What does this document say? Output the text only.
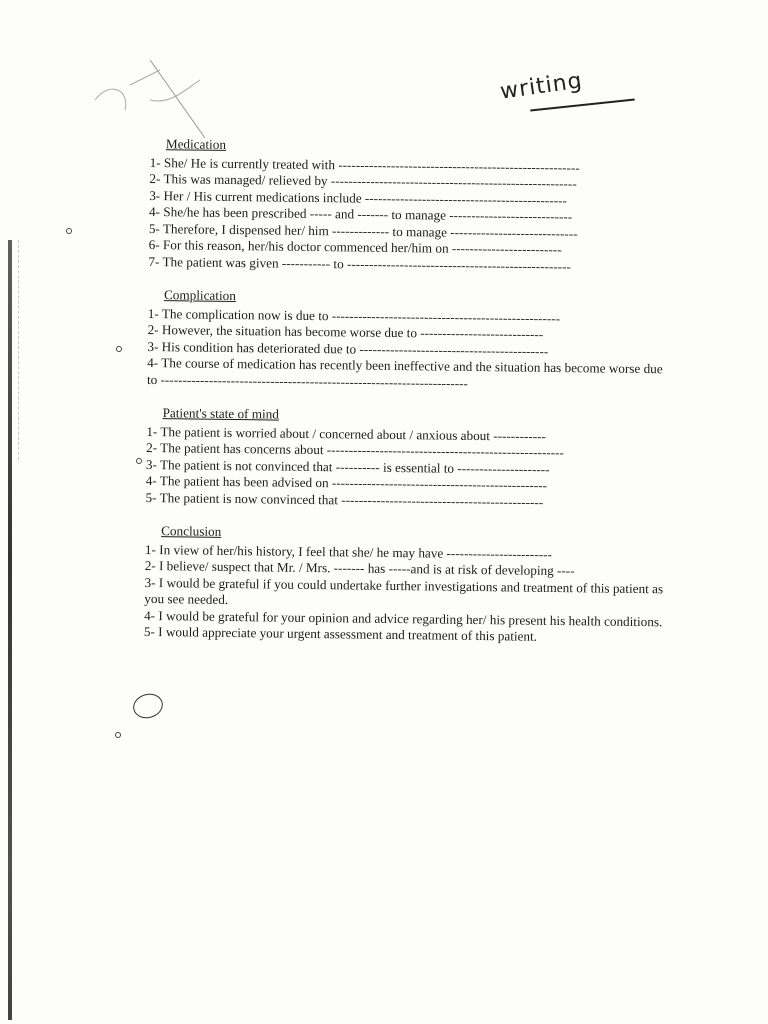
writing
Medication
1- She/ He is currently treated with -------------------------------------------------------
2- This was managed/ relieved by --------------------------------------------------------
3- Her / His current medications include ----------------------------------------------
4- She/he has been prescribed ----- and ------- to manage ----------------------------
5- Therefore, I dispensed her/ him ------------- to manage -----------------------------
6- For this reason, her/his doctor commenced her/him on -------------------------
7- The patient was given ----------- to ---------------------------------------------------
Complication
1- The complication now is due to ----------------------------------------------------
2- However, the situation has become worse due to ----------------------------
3- His condition has deteriorated due to -------------------------------------------
4- The course of medication has recently been ineffective and the situation has become worse due to ----------------------------------------------------------------------
Patient's state of mind
1- The patient is worried about / concerned about / anxious about ------------
2- The patient has concerns about ------------------------------------------------------
3- The patient is not convinced that ---------- is essential to ---------------------
4- The patient has been advised on -------------------------------------------------
5- The patient is now convinced that ----------------------------------------------
Conclusion
1- In view of her/his history, I feel that she/ he may have ------------------------
2- I believe/ suspect that Mr. / Mrs. ------- has -----and is at risk of developing ----
3- I would be grateful if you could undertake further investigations and treatment of this patient as you see needed.
4- I would be grateful for your opinion and advice regarding her/ his present his health conditions.
5- I would appreciate your urgent assessment and treatment of this patient.
